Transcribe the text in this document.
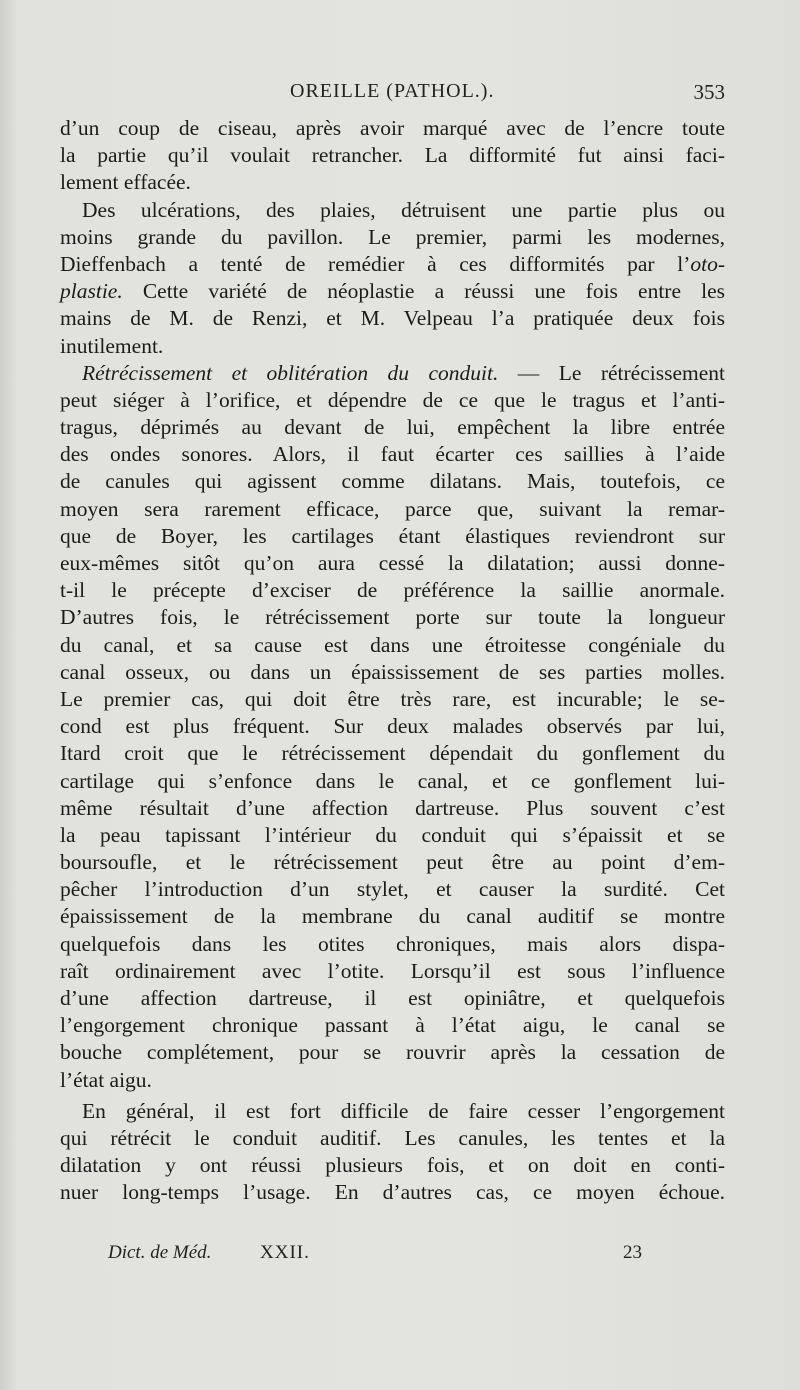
OREILLE (PATHOL.).	353
d’un coup de ciseau, après avoir marqué avec de l’encre toute
la partie qu’il voulait retrancher. La difformité fut ainsi faci-
lement effacée.
Des ulcérations, des plaies, détruisent une partie plus ou
moins grande du pavillon. Le premier, parmi les modernes,
Dieffenbach a tenté de remédier à ces difformités par l’oto-
plastie. Cette variété de néoplastie a réussi une fois entre les
mains de M. de Renzi, et M. Velpeau l’a pratiquée deux fois
inutilement.
Rétrécissement et oblitération du conduit. — Le rétrécissement
peut siéger à l’orifice, et dépendre de ce que le tragus et l’anti-
tragus, déprimés au devant de lui, empêchent la libre entrée
des ondes sonores. Alors, il faut écarter ces saillies à l’aide
de canules qui agissent comme dilatans. Mais, toutefois, ce
moyen sera rarement efficace, parce que, suivant la remar-
que de Boyer, les cartilages étant élastiques reviendront sur
eux-mêmes sitôt qu’on aura cessé la dilatation; aussi donne-
t-il le précepte d’exciser de préférence la saillie anormale.
D’autres fois, le rétrécissement porte sur toute la longueur
du canal, et sa cause est dans une étroitesse congéniale du
canal osseux, ou dans un épaississement de ses parties molles.
Le premier cas, qui doit être très rare, est incurable; le se-
cond est plus fréquent. Sur deux malades observés par lui,
Itard croit que le rétrécissement dépendait du gonflement du
cartilage qui s’enfonce dans le canal, et ce gonflement lui-
même résultait d’une affection dartreuse. Plus souvent c’est
la peau tapissant l’intérieur du conduit qui s’épaissit et se
boursoufle, et le rétrécissement peut être au point d’em-
pêcher l’introduction d’un stylet, et causer la surdité. Cet
épaississement de la membrane du canal auditif se montre
quelquefois dans les otites chroniques, mais alors dispa-
raît ordinairement avec l’otite. Lorsqu’il est sous l’influence
d’une affection dartreuse, il est opiniâtre, et quelquefois
l’engorgement chronique passant à l’état aigu, le canal se
bouche complétement, pour se rouvrir après la cessation de
l’état aigu.
En général, il est fort difficile de faire cesser l’engorgement
qui rétrécit le conduit auditif. Les canules, les tentes et la
dilatation y ont réussi plusieurs fois, et on doit en conti-
nuer long-temps l’usage. En d’autres cas, ce moyen échoue.
Dict. de Méd.	XXII.	23
